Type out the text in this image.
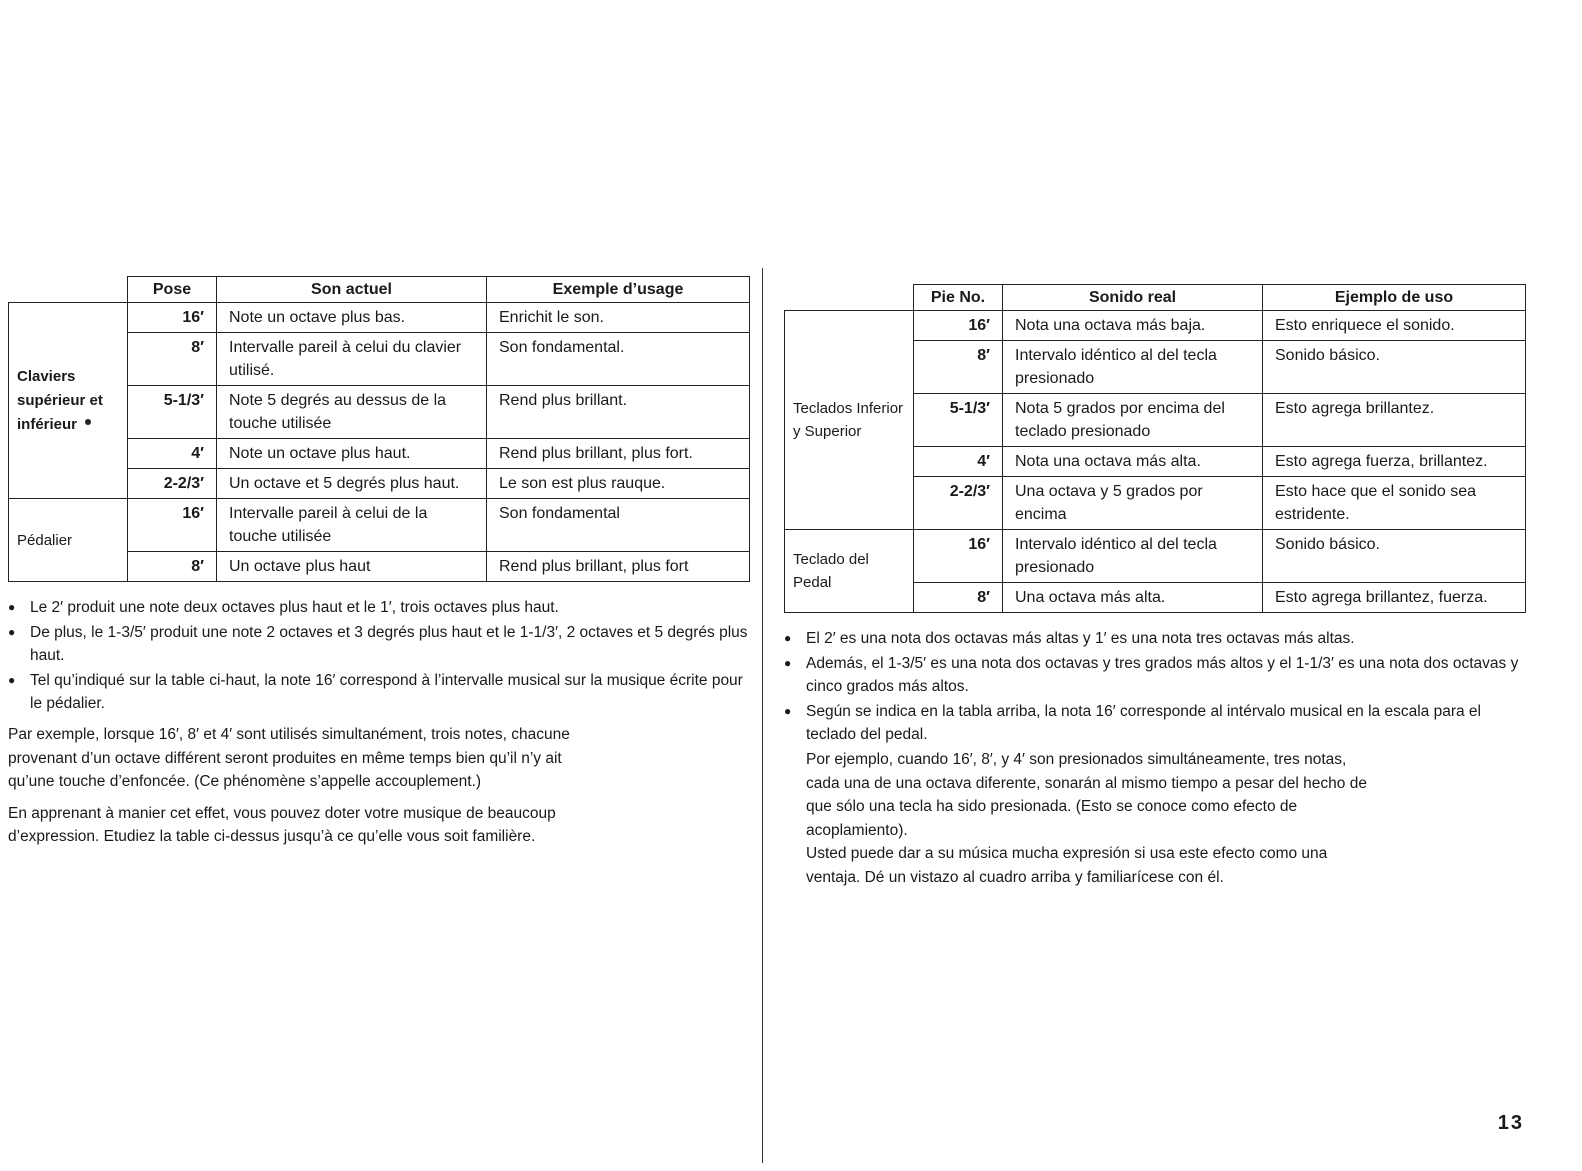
	Pose	Son actuel	Exemple d’usage
Claviers supérieur et inférieur	16′	Note un octave plus bas.	Enrichit le son.
	8′	Intervalle pareil à celui du clavier utilisé.	Son fondamental.
	5-1/3′	Note 5 degrés au dessus de la touche utilisée	Rend plus brillant.
	4′	Note un octave plus haut.	Rend plus brillant, plus fort.
	2-2/3′	Un octave et 5 degrés plus haut.	Le son est plus rauque.
Pédalier	16′	Intervalle pareil à celui de la touche utilisée	Son fondamental
	8′	Un octave plus haut	Rend plus brillant, plus fort
● Le 2′ produit une note deux octaves plus haut et le 1′, trois octaves plus haut.
● De plus, le 1-3/5′ produit une note 2 octaves et 3 degrés plus haut et le 1-1/3′, 2 octaves et 5 degrés plus haut.
● Tel qu’indiqué sur la table ci-haut, la note 16′ correspond à l’intervalle musical sur la musique écrite pour le pédalier.

Par exemple, lorsque 16′, 8′ et 4′ sont utilisés simultanément, trois notes, chacune provenant d’un octave différent seront produites en même temps bien qu’il n’y ait qu’une touche d’enfoncée. (Ce phénomène s’appelle accouplement.)

En apprenant à manier cet effet, vous pouvez doter votre musique de beaucoup d’expression. Etudiez la table ci-dessus jusqu’à ce qu’elle vous soit familière.

	Pie No.	Sonido real	Ejemplo de uso
Teclados Inferior y Superior	16′	Nota una octava más baja.	Esto enriquece el sonido.
	8′	Intervalo idéntico al del tecla presionado	Sonido básico.
	5-1/3′	Nota 5 grados por encima del teclado presionado	Esto agrega brillantez.
	4′	Nota una octava más alta.	Esto agrega fuerza, brillantez.
	2-2/3′	Una octava y 5 grados por encima	Esto hace que el sonido sea estridente.
Teclado del Pedal	16′	Intervalo idéntico al del tecla presionado	Sonido básico.
	8′	Una octava más alta.	Esto agrega brillantez, fuerza.
● El 2′ es una nota dos octavas más altas y 1′ es una nota tres octavas más altas.
● Además, el 1-3/5′ es una nota dos octavas y tres grados más altos y el 1-1/3′ es una nota dos octavas y cinco grados más altos.
● Según se indica en la tabla arriba, la nota 16′ corresponde al intérvalo musical en la escala para el teclado del pedal.

Por ejemplo, cuando 16′, 8′, y 4′ son presionados simultáneamente, tres notas, cada una de una octava diferente, sonarán al mismo tiempo a pesar del hecho de que sólo una tecla ha sido presionada. (Esto se conoce como efecto de acoplamiento).

Usted puede dar a su música mucha expresión si usa este efecto como una ventaja. Dé un vistazo al cuadro arriba y familiarícese con él.

13
